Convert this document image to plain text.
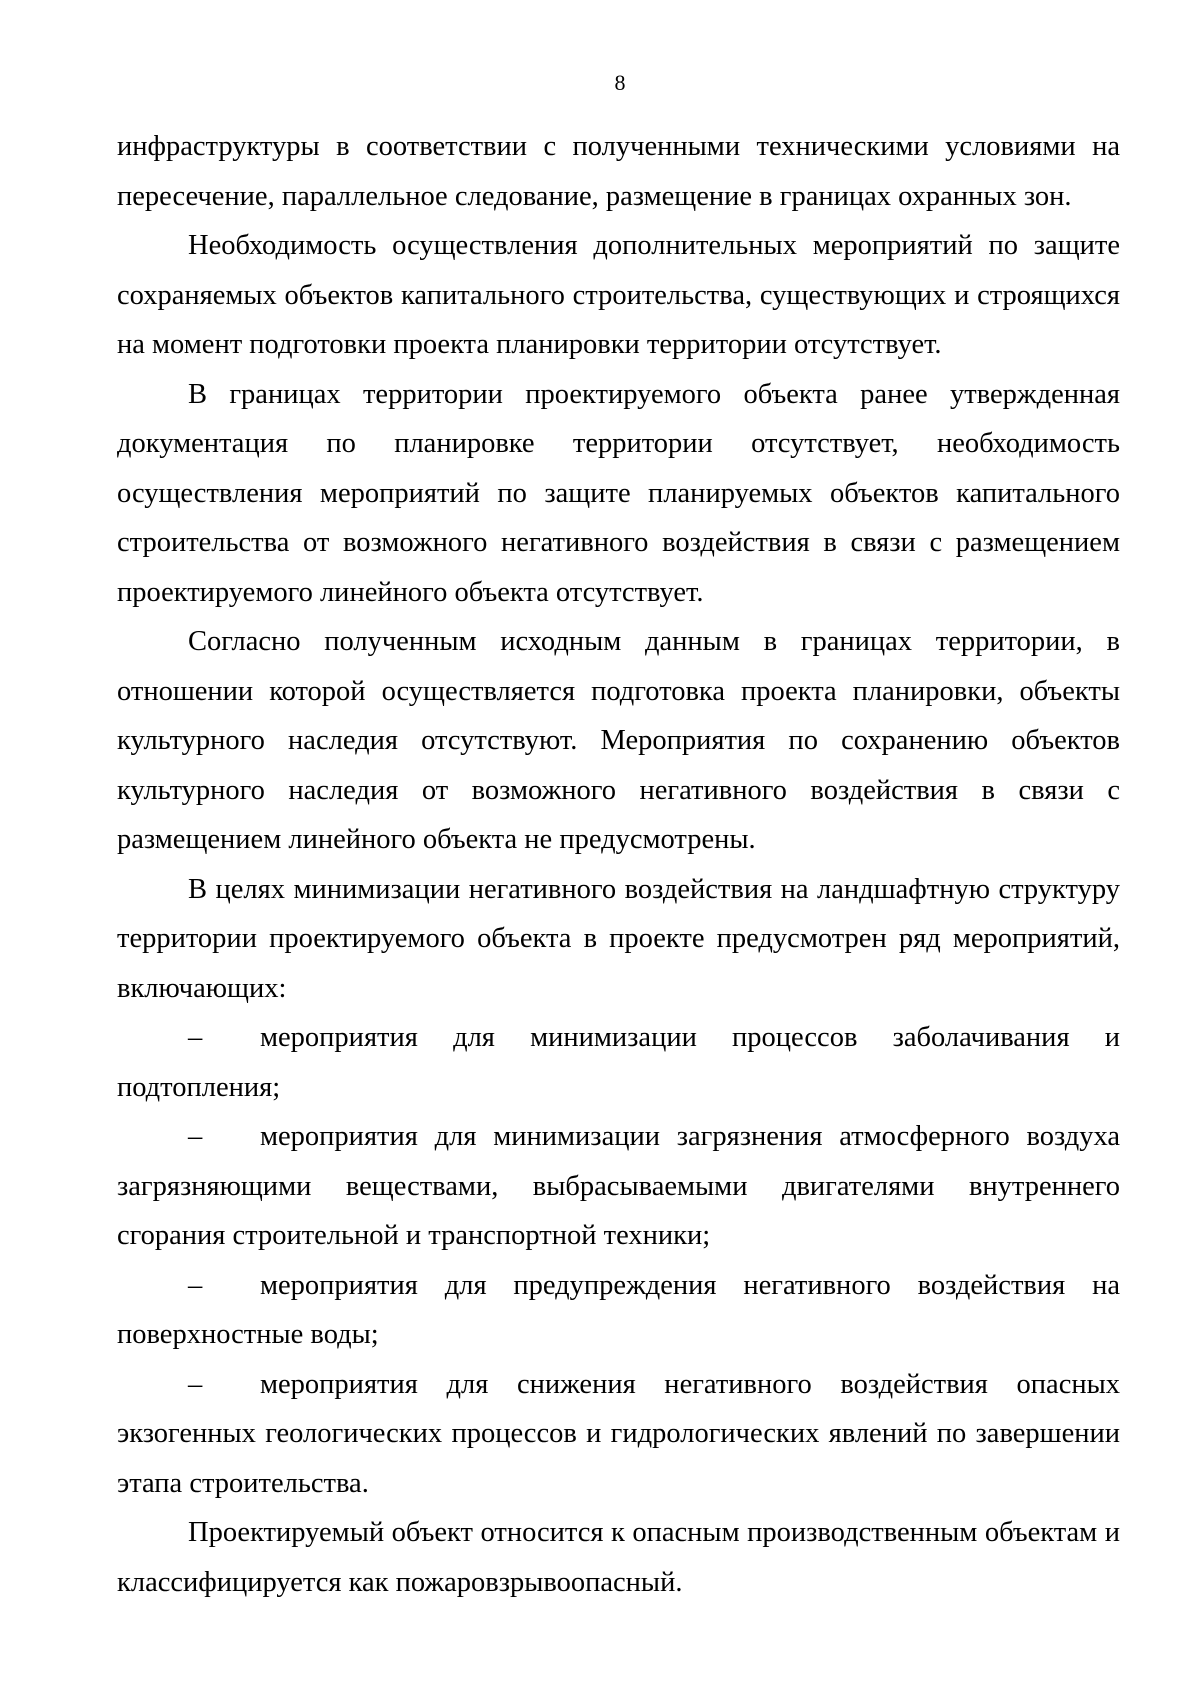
8

инфраструктуры в соответствии с полученными техническими условиями на пересечение, параллельное следование, размещение в границах охранных зон.

Необходимость осуществления дополнительных мероприятий по защите сохраняемых объектов капитального строительства, существующих и строящихся на момент подготовки проекта планировки территории отсутствует.

В границах территории проектируемого объекта ранее утвержденная документация по планировке территории отсутствует, необходимость осуществления мероприятий по защите планируемых объектов капитального строительства от возможного негативного воздействия в связи с размещением проектируемого линейного объекта отсутствует.

Согласно полученным исходным данным в границах территории, в отношении которой осуществляется подготовка проекта планировки, объекты культурного наследия отсутствуют. Мероприятия по сохранению объектов культурного наследия от возможного негативного воздействия в связи с размещением линейного объекта не предусмотрены.

В целях минимизации негативного воздействия на ландшафтную структуру территории проектируемого объекта в проекте предусмотрен ряд мероприятий, включающих:

– мероприятия для минимизации процессов заболачивания и подтопления;

– мероприятия для минимизации загрязнения атмосферного воздуха загрязняющими веществами, выбрасываемыми двигателями внутреннего сгорания строительной и транспортной техники;

– мероприятия для предупреждения негативного воздействия на поверхностные воды;

– мероприятия для снижения негативного воздействия опасных экзогенных геологических процессов и гидрологических явлений по завершении этапа строительства.

Проектируемый объект относится к опасным производственным объектам и классифицируется как пожаровзрывоопасный.
